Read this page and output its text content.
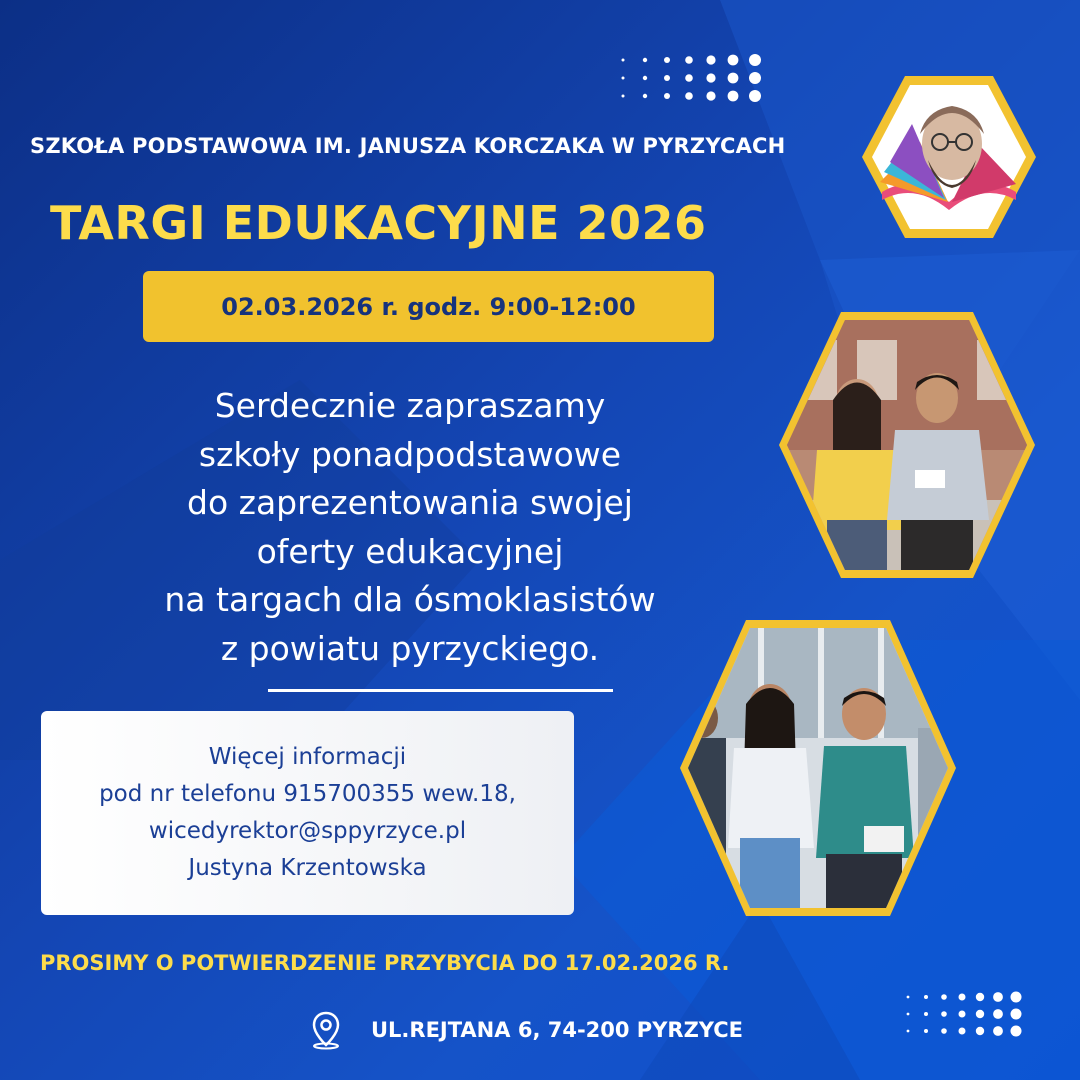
SZKOŁA PODSTAWOWA IM. JANUSZA KORCZAKA W PYRZYCACH
TARGI EDUKACYJNE 2026
02.03.2026 r. godz. 9:00-12:00
Serdecznie zapraszamy
szkoły ponadpodstawowe
do zaprezentowania swojej
oferty edukacyjnej
na targach dla ósmoklasistów
z powiatu pyrzyckiego.
Więcej informacji
pod nr telefonu 915700355 wew.18,
wicedyrektor@sppyrzyce.pl
Justyna Krzentowska
PROSIMY O POTWIERDZENIE PRZYBYCIA DO 17.02.2026 R.
UL.REJTANA 6, 74-200 PYRZYCE
